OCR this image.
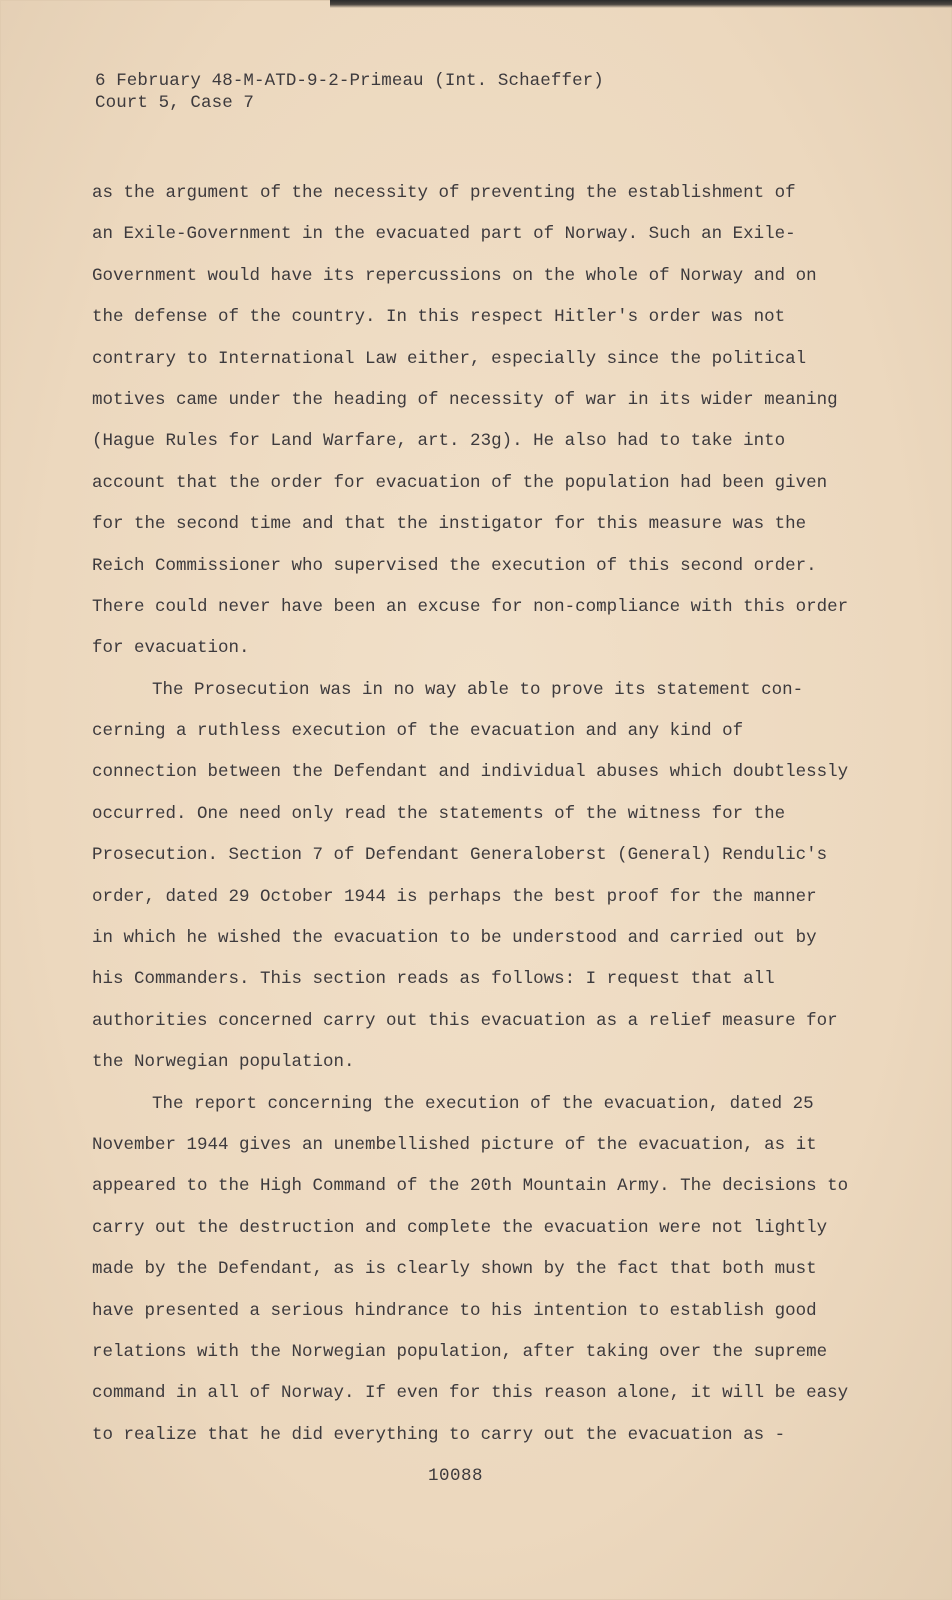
6 February 48-M-ATD-9-2-Primeau (Int. Schaeffer)
Court 5, Case 7
as the argument of the necessity of preventing the establishment of
an Exile-Government in the evacuated part of Norway. Such an Exile-
Government would have its repercussions on the whole of Norway and on
the defense of the country. In this respect Hitler's order was not
contrary to International Law either, especially since the political
motives came under the heading of necessity of war in its wider meaning
(Hague Rules for Land Warfare, art. 23g). He also had to take into
account that the order for evacuation of the population had been given
for the second time and that the instigator for this measure was the
Reich Commissioner who supervised the execution of this second order.
There could never have been an excuse for non-compliance with this order
for evacuation.
The Prosecution was in no way able to prove its statement con-
cerning a ruthless execution of the evacuation and any kind of
connection between the Defendant and individual abuses which doubtlessly
occurred. One need only read the statements of the witness for the
Prosecution. Section 7 of Defendant Generaloberst (General) Rendulic's
order, dated 29 October 1944 is perhaps the best proof for the manner
in which he wished the evacuation to be understood and carried out by
his Commanders. This section reads as follows: I request that all
authorities concerned carry out this evacuation as a relief measure for
the Norwegian population.
The report concerning the execution of the evacuation, dated 25
November 1944 gives an unembellished picture of the evacuation, as it
appeared to the High Command of the 20th Mountain Army. The decisions to
carry out the destruction and complete the evacuation were not lightly
made by the Defendant, as is clearly shown by the fact that both must
have presented a serious hindrance to his intention to establish good
relations with the Norwegian population, after taking over the supreme
command in all of Norway. If even for this reason alone, it will be easy
to realize that he did everything to carry out the evacuation as -
10088
